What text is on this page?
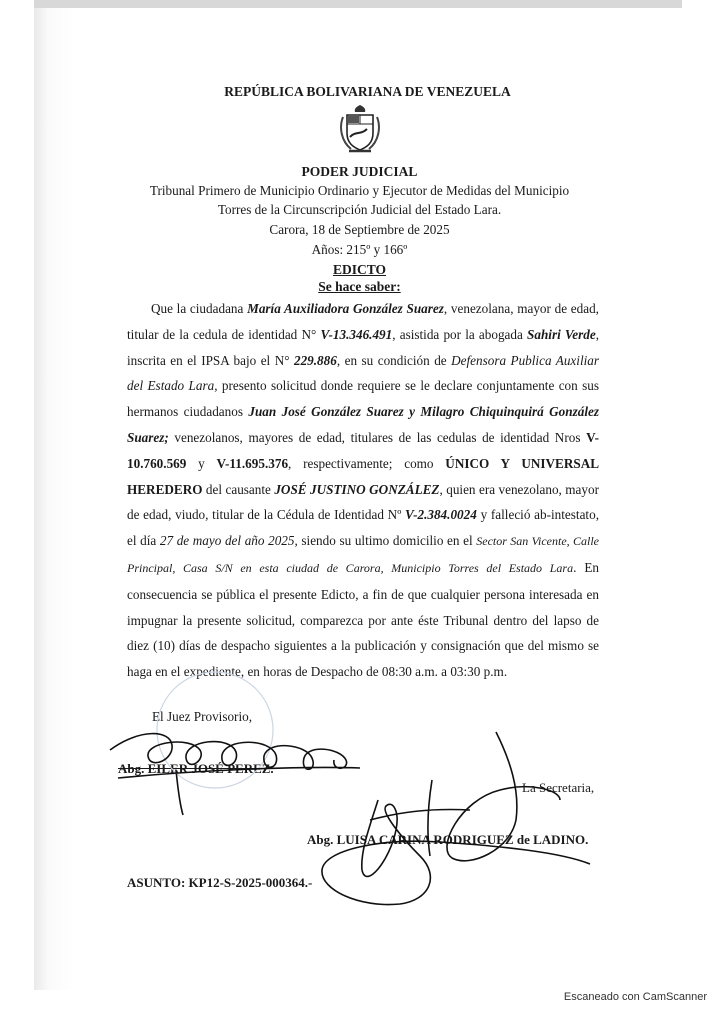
REPÚBLICA BOLIVARIANA DE VENEZUELA
PODER JUDICIAL
Tribunal Primero de Municipio Ordinario y Ejecutor de Medidas del Municipio
Torres de la Circunscripción Judicial del Estado Lara.
Carora, 18 de Septiembre de 2025
Años: 215º y 166º
EDICTO
Se hace saber:

Que la ciudadana María Auxiliadora González Suarez, venezolana, mayor de edad, titular de la cedula de identidad N° V-13.346.491, asistida por la abogada Sahiri Verde, inscrita en el IPSA bajo el N° 229.886, en su condición de Defensora Publica Auxiliar del Estado Lara, presento solicitud donde requiere se le declare conjuntamente con sus hermanos ciudadanos Juan José González Suarez y Milagro Chiquinquirá González Suarez; venezolanos, mayores de edad, titulares de las cedulas de identidad Nros V-10.760.569 y V-11.695.376, respectivamente; como ÚNICO Y UNIVERSAL HEREDERO del causante JOSÉ JUSTINO GONZÁLEZ, quien era venezolano, mayor de edad, viudo, titular de la Cédula de Identidad Nº V-2.384.0024 y falleció ab-intestato, el día 27 de mayo del año 2025, siendo su ultimo domicilio en el Sector San Vicente, Calle Principal, Casa S/N en esta ciudad de Carora, Municipio Torres del Estado Lara. En consecuencia se pública el presente Edicto, a fin de que cualquier persona interesada en impugnar la presente solicitud, comparezca por ante éste Tribunal dentro del lapso de diez (10) días de despacho siguientes a la publicación y consignación que del mismo se haga en el expediente, en horas de Despacho de 08:30 a.m. a 03:30 p.m.

El Juez Provisorio,
Abg. EILER JOSÉ PEREZ.
La Secretaria,
Abg. LUISA CARINA RODRIGUEZ de LADINO.
ASUNTO: KP12-S-2025-000364.-
Escaneado con CamScanner
